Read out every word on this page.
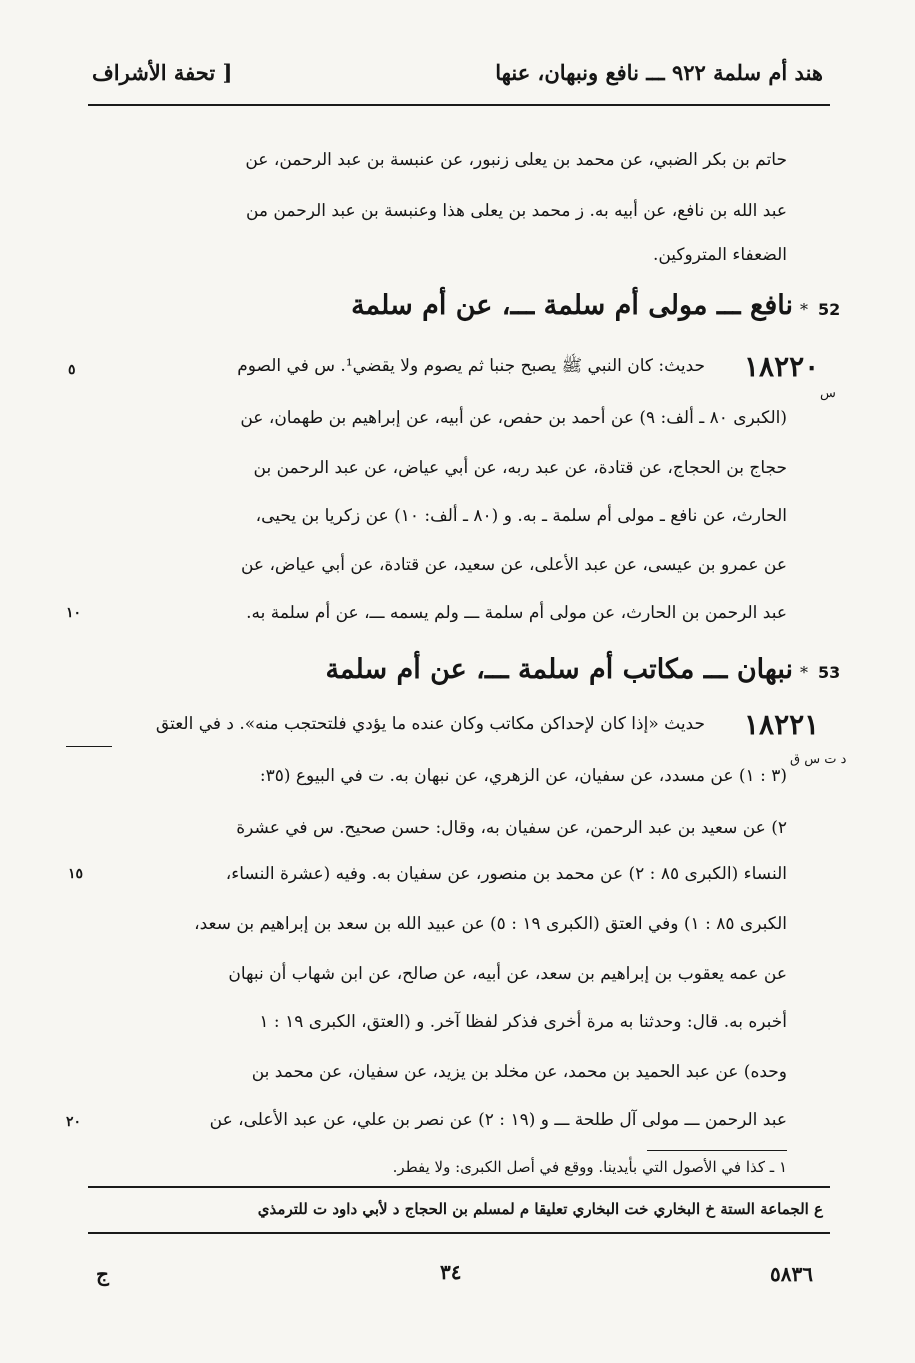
هند أم سلمة ٩٢٢ ـــ نافع ونبهان، عنها
[ تحفة الأشراف
حاتم بن بكر الضبي، عن محمد بن يعلى زنبور، عن عنبسة بن عبد الرحمن، عن
عبد الله بن نافع، عن أبيه به. ز محمد بن يعلى هذا وعنبسة بن عبد الرحمن من
الضعفاء المتروكين.
52
*
نافع ـــ مولى أم سلمة ـــ، عن أم سلمة
١٨٢٢٠
٥
س
حديث: كان النبي ﷺ يصبح جنبا ثم يصوم ولا يقضي¹. س في الصوم
(الكبرى ٨٠ ـ ألف: ٩) عن أحمد بن حفص، عن أبيه، عن إبراهيم بن طهمان، عن
حجاج بن الحجاج، عن قتادة، عن عبد ربه، عن أبي عياض، عن عبد الرحمن بن
الحارث، عن نافع ـ مولى أم سلمة ـ به. و (٨٠ ـ ألف: ١٠) عن زكريا بن يحيى،
عن عمرو بن عيسى، عن عبد الأعلى، عن سعيد، عن قتادة، عن أبي عياض، عن
عبد الرحمن بن الحارث، عن مولى أم سلمة ـــ ولم يسمه ـــ، عن أم سلمة به.
١٠
53
*
نبهان ـــ مكاتب أم سلمة ـــ، عن أم سلمة
١٨٢٢١
د ت س ق
حديث «إذا كان لإحداكن مكاتب وكان عنده ما يؤدي فلتحتجب منه». د في العتق
(٣ : ١) عن مسدد، عن سفيان، عن الزهري، عن نبهان به. ت في البيوع (٣٥:
٢) عن سعيد بن عبد الرحمن، عن سفيان به، وقال: حسن صحيح. س في عشرة
النساء (الكبرى ٨٥ : ٢) عن محمد بن منصور، عن سفيان به. وفيه (عشرة النساء،
١٥
الكبرى ٨٥ : ١) وفي العتق (الكبرى ١٩ : ٥) عن عبيد الله بن سعد بن إبراهيم بن سعد،
عن عمه يعقوب بن إبراهيم بن سعد، عن أبيه، عن صالح، عن ابن شهاب أن نبهان
أخبره به. قال: وحدثنا به مرة أخرى فذكر لفظا آخر. و (العتق، الكبرى ١٩ : ١
وحده) عن عبد الحميد بن محمد، عن مخلد بن يزيد، عن سفيان، عن محمد بن
عبد الرحمن ـــ مولى آل طلحة ـــ و (١٩ : ٢) عن نصر بن علي، عن عبد الأعلى، عن
٢٠
١ ـ كذا في الأصول التي بأيدينا. ووقع في أصل الكبرى: ولا يفطر.
ع الجماعة الستة خ البخاري خت البخاري تعليقا م لمسلم بن الحجاج د لأبي داود ت للترمذي
ج	٣٤	٥٨٣٦
